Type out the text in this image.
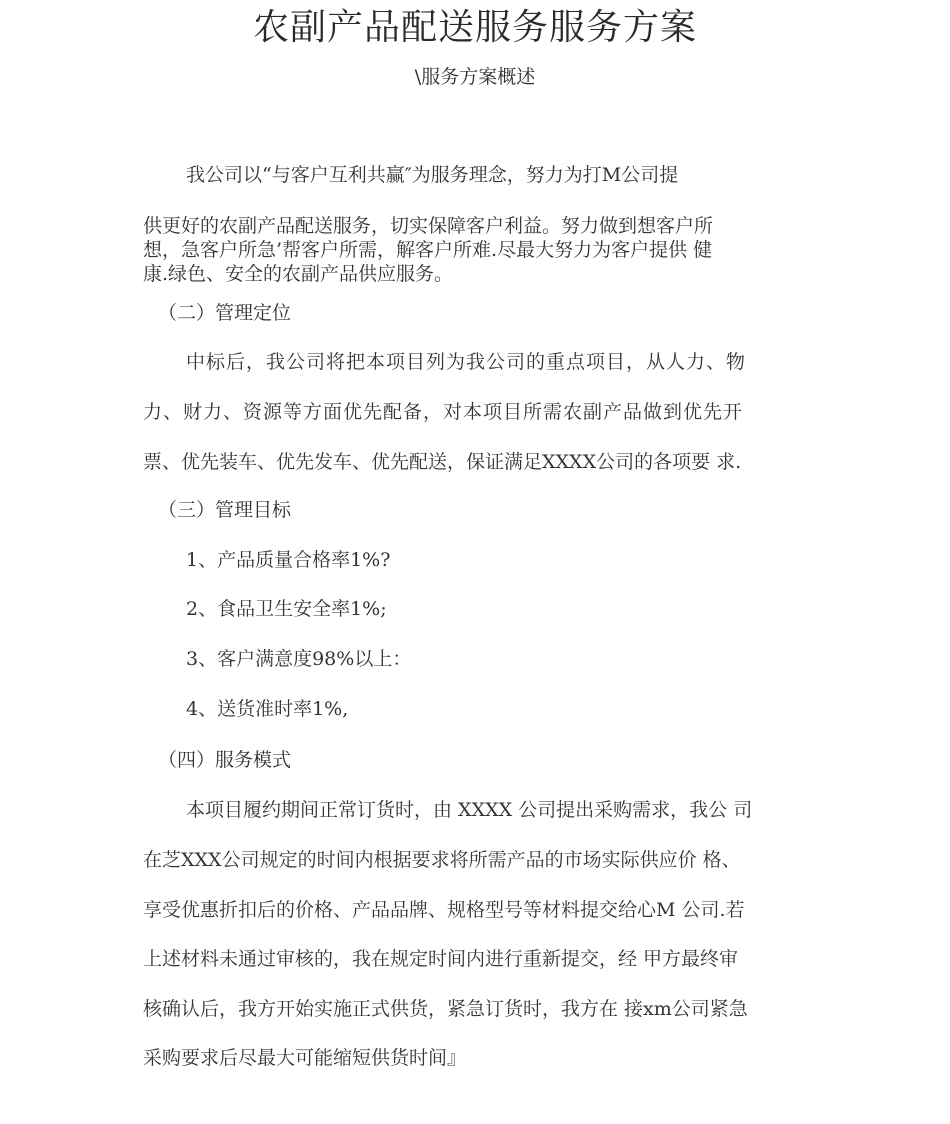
农副产品配送服务服务方案
\服务方案概述
我公司以“与客户互利共赢″为服务理念，努力为打M公司提
供更好的农副产品配送服务，切实保障客户利益。努力做到想客户所
想，急客户所急’帮客户所需，解客户所难.尽最大努力为客户提供 健
康.绿色、安全的农副产品供应服务。
（二）管理定位
中标后，我公司将把本项目列为我公司的重点项目，从人力、物
力、财力、资源等方面优先配备，对本项目所需农副产品做到优先开
票、优先装车、优先发车、优先配送，保证满足XXXX公司的各项要 求.
（三）管理目标
1、产品质量合格率1%?
2、食品卫生安全率1%;
3、客户满意度98%以上：
4、送货准时率1%,
（四）服务模式
本项目履约期间正常订货时，由 XXXX 公司提出采购需求，我公 司
在芝XXX公司规定的时间内根据要求将所需产品的市场实际供应价 格、
享受优惠折扣后的价格、产品品牌、规格型号等材料提交给心M 公司.若
上述材料未通过审核的，我在规定时间内进行重新提交，经 甲方最终审
核确认后，我方开始实施正式供货，紧急订货时，我方在 接xm公司紧急
采购要求后尽最大可能缩短供货时间』
